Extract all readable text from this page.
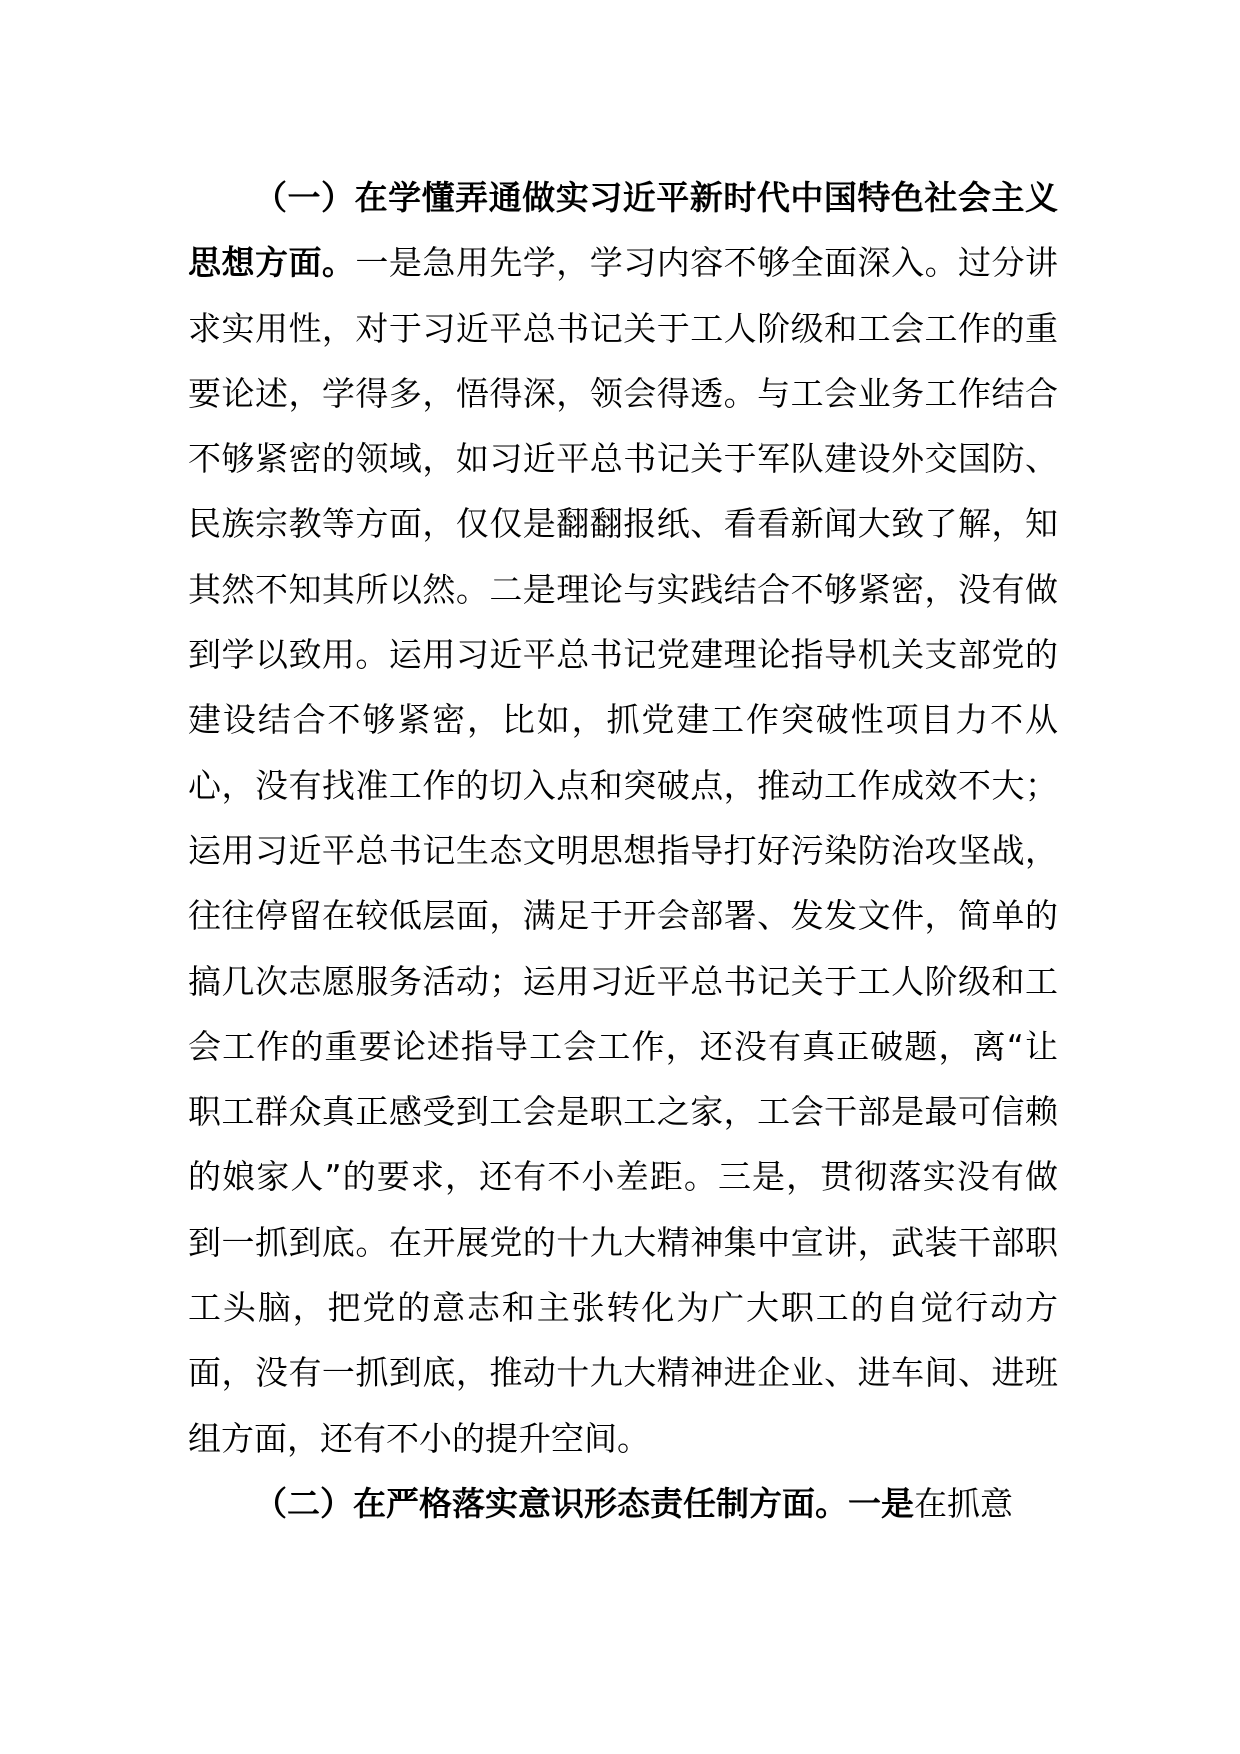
（一）在学懂弄通做实习近平新时代中国特色社会主义思想方面。一是急用先学，学习内容不够全面深入。过分讲求实用性，对于习近平总书记关于工人阶级和工会工作的重要论述，学得多，悟得深，领会得透。与工会业务工作结合不够紧密的领域，如习近平总书记关于军队建设外交国防、民族宗教等方面，仅仅是翻翻报纸、看看新闻大致了解，知其然不知其所以然。二是理论与实践结合不够紧密，没有做到学以致用。运用习近平总书记党建理论指导机关支部党的建设结合不够紧密，比如，抓党建工作突破性项目力不从心，没有找准工作的切入点和突破点，推动工作成效不大；运用习近平总书记生态文明思想指导打好污染防治攻坚战，往往停留在较低层面，满足于开会部署、发发文件，简单的搞几次志愿服务活动；运用习近平总书记关于工人阶级和工会工作的重要论述指导工会工作，还没有真正破题，离“让职工群众真正感受到工会是职工之家，工会干部是最可信赖的娘家人”的要求，还有不小差距。三是，贯彻落实没有做到一抓到底。在开展党的十九大精神集中宣讲，武装干部职工头脑，把党的意志和主张转化为广大职工的自觉行动方面，没有一抓到底，推动十九大精神进企业、进车间、进班组方面，还有不小的提升空间。

（二）在严格落实意识形态责任制方面。一是在抓意
